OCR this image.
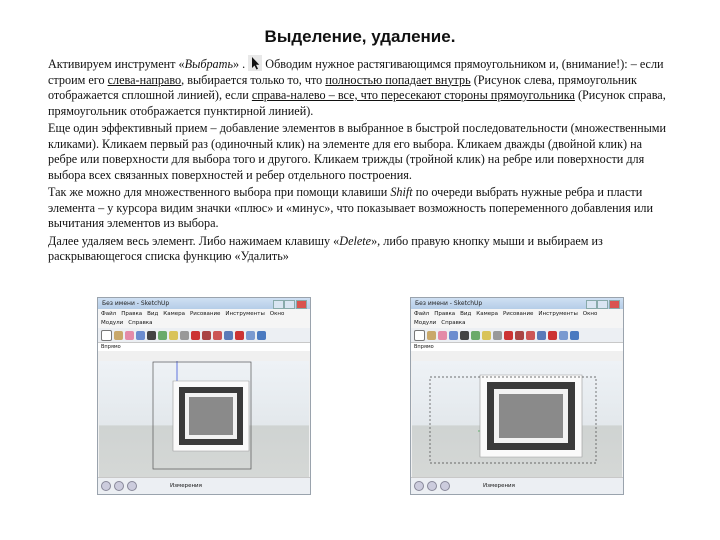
Выделение, удаление.

Активируем инструмент «Выбрать» .  Обводим нужное растягивающимся прямоугольником и, (внимание!): – если строим его слева-направо, выбирается только то, что полностью попадает внутрь (Рисунок слева, прямоугольник отображается сплошной линией), если справа-налево – все, что пересекают стороны прямоугольника (Рисунок справа, прямоугольник отображается пунктирной линией).

Еще один эффективный прием – добавление элементов в выбранное в быстрой последовательности (множественными кликами). Кликаем первый раз (одиночный клик) на элементе для его выбора. Кликаем дважды (двойной клик) на ребре или поверхности для выбора того и другого. Кликаем трижды (тройной клик) на ребре или поверхности для выбора всех связанных поверхностей и ребер отдельного построения.

Так же можно для множественного выбора при помощи клавиши Shift по очереди выбрать нужные ребра и пласти элемента – у курсора видим значки «плюс» и «минус», что показывает возможность попеременного добавления или вычитания элементов из выбора.

Далее удаляем весь элемент. Либо нажимаем клавишу «Delete», либо правую кнопку мыши и выбираем из раскрывающегося списка функцию «Удалить»

Без имени - SketchUp
Файл Правка Вид Камера Рисование Инструменты Окно
Модули Справка
Впрямо
Измерения
Без имени - SketchUp
Файл Правка Вид Камера Рисование Инструменты Окно
Модули Справка
Впрямо
Измерения
